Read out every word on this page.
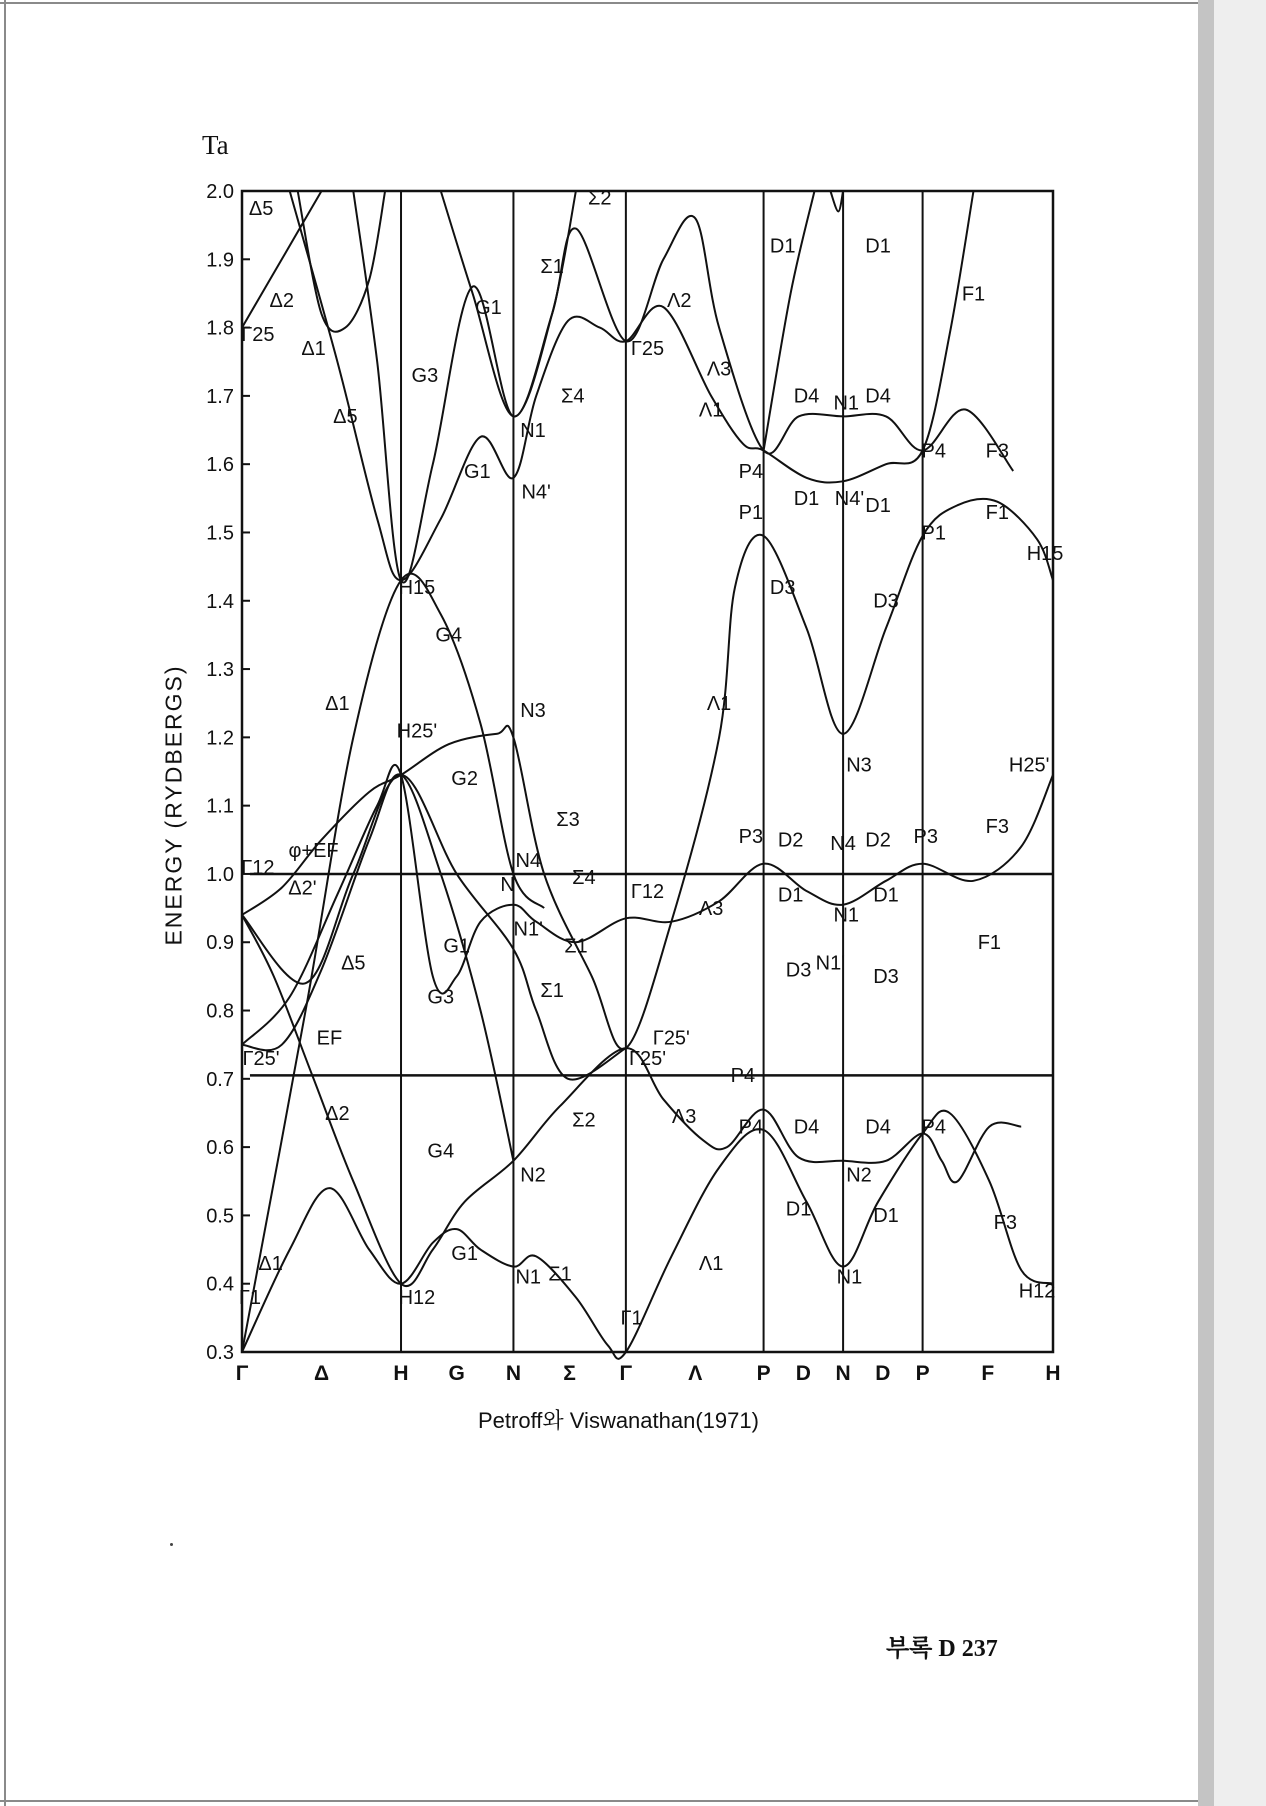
Ta
Δ5
Δ2
Γ25
Δ1
Δ5
G3
G1
Σ1
Σ2
Σ4
N1
N4'
G1
Γ25
Λ2
Λ3
Λ1
P4
P1
D1	D1
F1
D4 N1 D4
D1 N4' D1
P4 F3
F1
P1
H15
H15
G4
D3
D3
Δ1	Λ1
H25'
N3
N3
G2
Σ3
H25'
F3
Γ12
φ+EF
Δ2'
N4
Σ4
N	Γ12
Λ3
P3 D2 N4 D2 P3
D1
N1
D1
F1
G1
N1'
Σ1
Δ5
Σ1
G3
D3 N1'
D3
EF
Γ25'	Γ25'
Γ25'
P4
Δ2	Σ2	Λ3 P4 D4 D4 P4
G4
N2	N2
D1	D1	F3
Δ1	G1	Λ1
N1 Σ1	N1
Γ1	H12
Γ1
H12
0.3
0.4
0.5
0.6
0.7
0.8
0.9
1.0
1.1
1.2
1.3
1.4
1.5
1.6
1.7
1.8
1.9
2.0
Γ	Δ	H G N Σ Γ	Λ	P D N D P F H
ENERGY (RYDBERGS)
Petroff와 Viswanathan(1971)
부록 D 237
